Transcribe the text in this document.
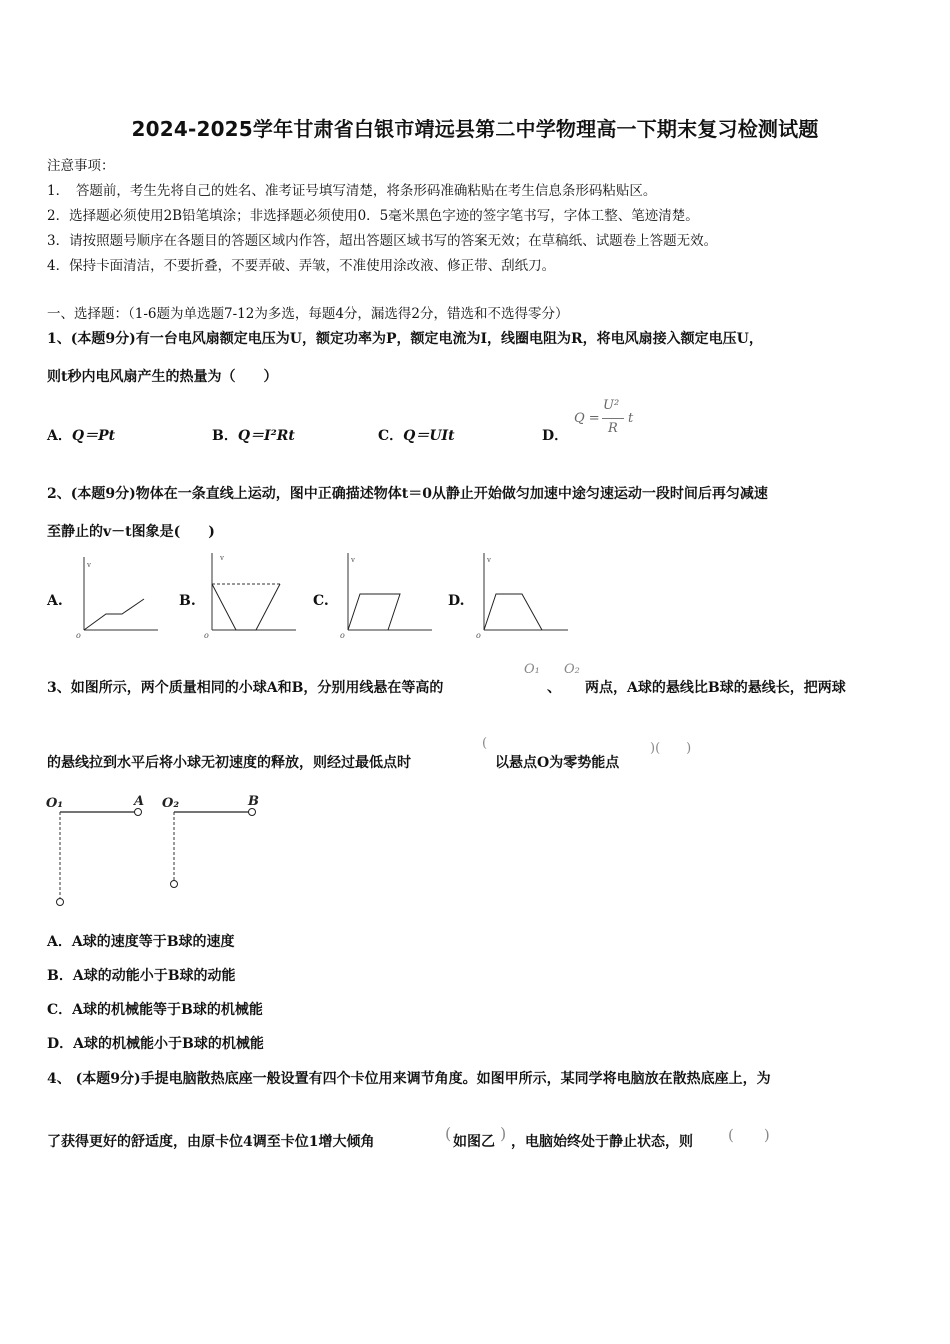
2024-2025学年甘肃省白银市靖远县第二中学物理高一下期末复习检测试题
注意事项：
1．　答题前，考生先将自己的姓名、准考证号填写清楚，将条形码准确粘贴在考生信息条形码粘贴区。
2．选择题必须使用2B铅笔填涂；非选择题必须使用0．5毫米黑色字迹的签字笔书写，字体工整、笔迹清楚。
3．请按照题号顺序在各题目的答题区域内作答，超出答题区域书写的答案无效；在草稿纸、试题卷上答题无效。
4．保持卡面清洁，不要折叠，不要弄破、弄皱，不准使用涂改液、修正带、刮纸刀。
一、选择题：（1-6题为单选题7-12为多选，每题4分，漏选得2分，错选和不选得零分）
1、(本题9分)有一台电风扇额定电压为U，额定功率为P，额定电流为I，线圈电阻为R，将电风扇接入额定电压U，
则t秒内电风扇产生的热量为（　　）
A．Q＝Pt	B．Q＝I²Rt	C．Q＝UIt	D．
Q =
U²
R
t
2、(本题9分)物体在一条直线上运动，图中正确描述物体t＝0从静止开始做匀加速中途匀速运动一段时间后再匀减速
至静止的v－t图象是(　　)
A.	B.	C.	D.
v
o
v
o
v
o
v
o
3、如图所示，两个质量相同的小球A和B，分别用线悬在等高的
O₁
、
O₂
两点，A球的悬线比B球的悬线长，把两球
的悬线拉到水平后将小球无初速度的释放，则经过最低点时
(
以悬点O为零势能点
)(　　)
O₁	A O₂	B
A．A球的速度等于B球的速度
B．A球的动能小于B球的动能
C．A球的机械能等于B球的机械能
D．A球的机械能小于B球的机械能
4、 (本题9分)手提电脑散热底座一般设置有四个卡位用来调节角度。如图甲所示，某同学将电脑放在散热底座上，为
了获得更好的舒适度，由原卡位4调至卡位1增大倾角	( 如图乙 ) ，电脑始终处于静止状态，则 (　　)
